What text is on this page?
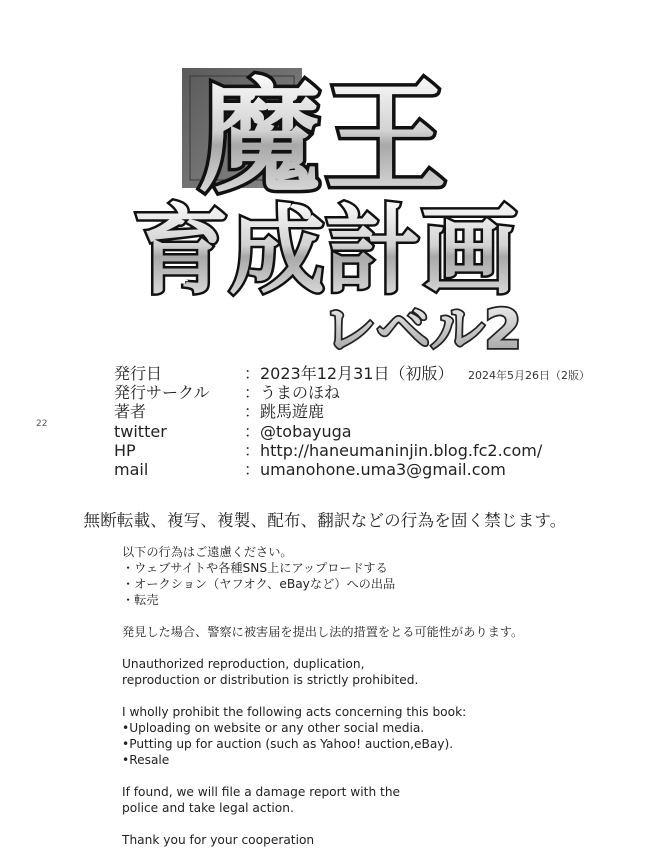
魔王
育成計画
レベル2
22
発行日	： 2023年12月31日（初版） 2024年5月26日（2版）
発行サークル ： うまのほね
著者	： 跳馬遊鹿
twitter	： @tobayuga
HP	： http://haneumaninjin.blog.fc2.com/
mail	： umanohone.uma3@gmail.com
無断転載、複写、複製、配布、翻訳などの行為を固く禁じます。
以下の行為はご遠慮ください。
・ウェブサイトや各種SNS上にアップロードする
・オークション（ヤフオク、eBayなど）への出品
・転売
発見した場合、警察に被害届を提出し法的措置をとる可能性があります。
Unauthorized reproduction, duplication,
reproduction or distribution is strictly prohibited.
I wholly prohibit the following acts concerning this book:
•Uploading on website or any other social media.
•Putting up for auction (such as Yahoo! auction,eBay).
•Resale
If found, we will file a damage report with the
police and take legal action.
Thank you for your cooperation
